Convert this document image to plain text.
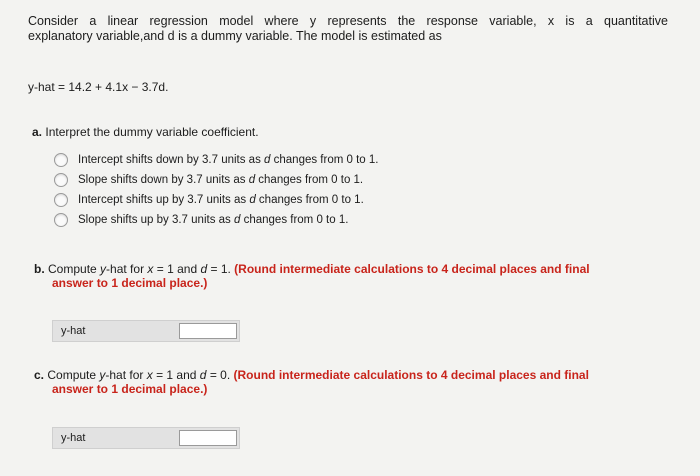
Consider a linear regression model where y represents the response variable, x is a quantitative
explanatory variable,and d is a dummy variable. The model is estimated as
y-hat = 14.2 + 4.1x − 3.7d.
a. Interpret the dummy variable coefficient.
Intercept shifts down by 3.7 units as d changes from 0 to 1.
Slope shifts down by 3.7 units as d changes from 0 to 1.
Intercept shifts up by 3.7 units as d changes from 0 to 1.
Slope shifts up by 3.7 units as d changes from 0 to 1.
b. Compute y-hat for x = 1 and d = 1. (Round intermediate calculations to 4 decimal places and final
answer to 1 decimal place.)
y-hat
c. Compute y-hat for x = 1 and d = 0. (Round intermediate calculations to 4 decimal places and final
answer to 1 decimal place.)
y-hat
